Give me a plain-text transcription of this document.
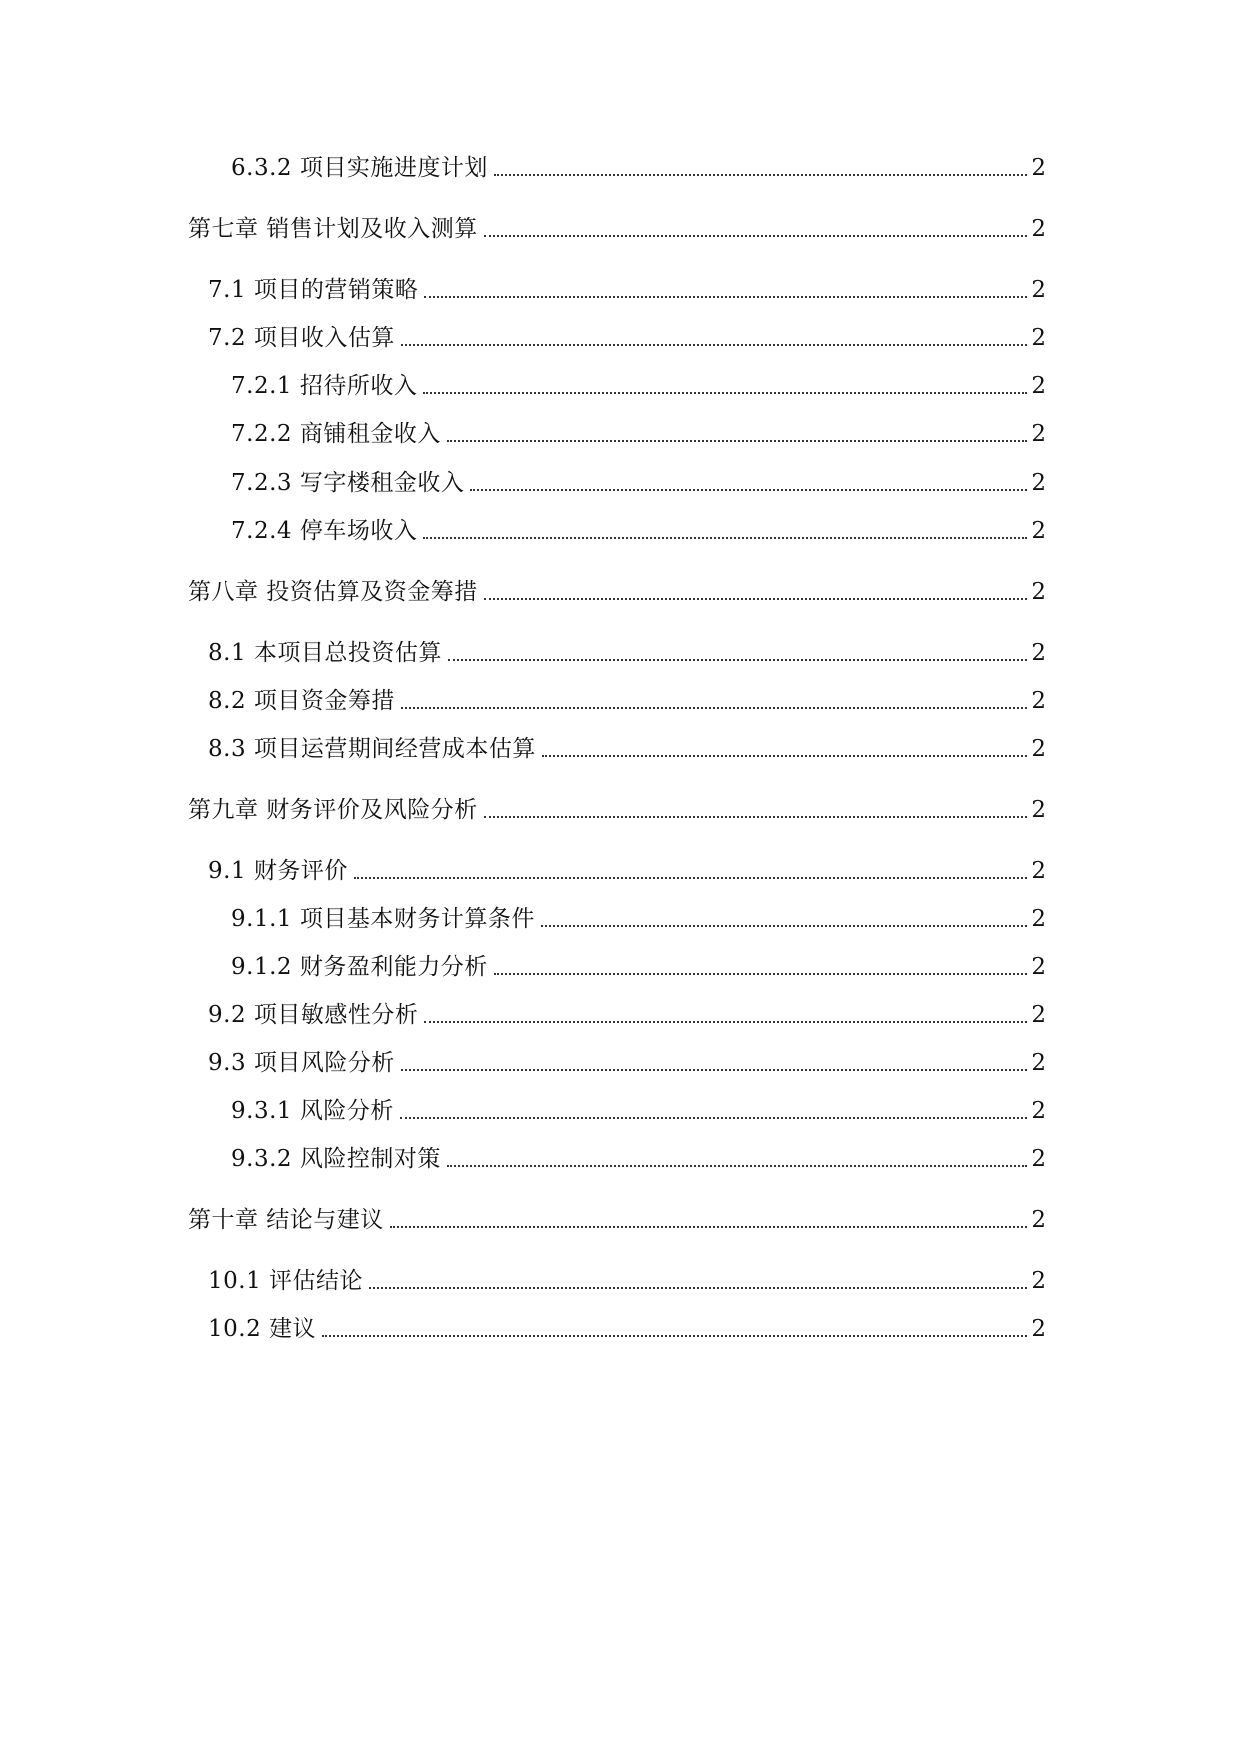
6.3.2 项目实施进度计划	2
第七章 销售计划及收入测算	2
7.1 项目的营销策略	2
7.2 项目收入估算	2
7.2.1 招待所收入	2
7.2.2 商铺租金收入	2
7.2.3 写字楼租金收入	2
7.2.4 停车场收入	2
第八章 投资估算及资金筹措	2
8.1 本项目总投资估算	2
8.2 项目资金筹措	2
8.3 项目运营期间经营成本估算	2
第九章 财务评价及风险分析	2
9.1 财务评价	2
9.1.1 项目基本财务计算条件	2
9.1.2 财务盈利能力分析	2
9.2 项目敏感性分析	2
9.3 项目风险分析	2
9.3.1 风险分析	2
9.3.2 风险控制对策	2
第十章 结论与建议	2
10.1 评估结论	2
10.2 建议	2
